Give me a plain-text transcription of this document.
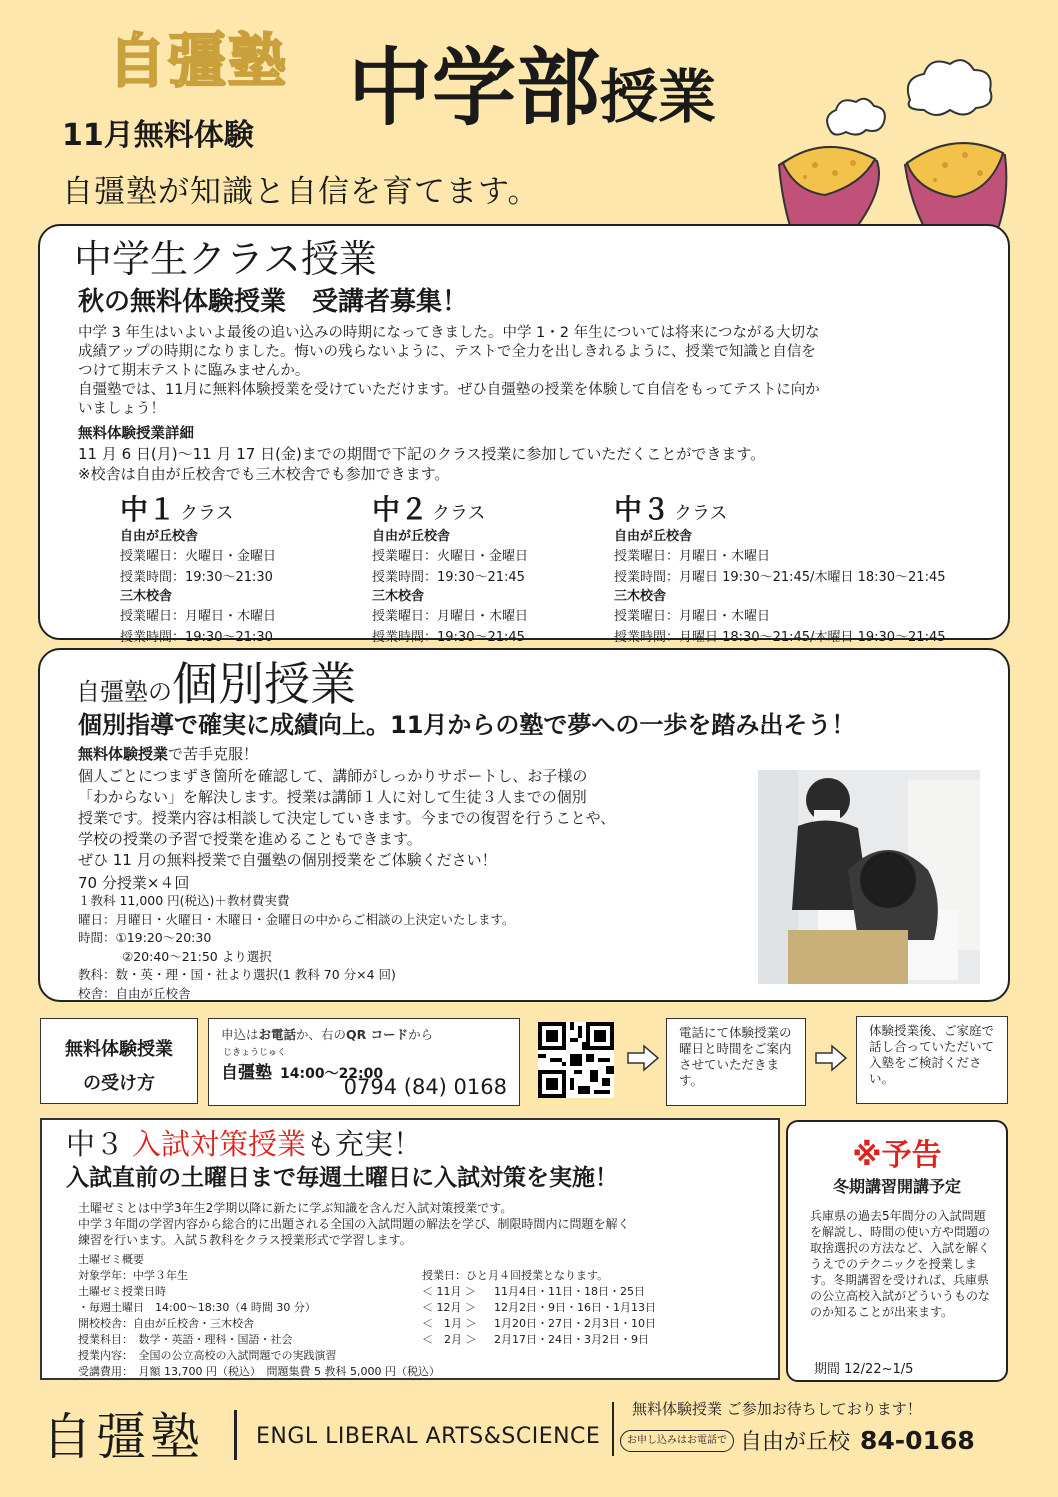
自彊塾 中学部授業
11月無料体験
自彊塾が知識と自信を育てます。
中学生クラス授業
秋の無料体験授業　受講者募集！

中学 3 年生はいよいよ最後の追い込みの時期になってきました。中学 1・2 年生については将来につながる大切な

成績アップの時期になりました。悔いの残らないように、テストで全力を出しきれるように、授業で知識と自信を

つけて期末テストに臨みませんか。

自彊塾では、11月に無料体験授業を受けていただけます。ぜひ自彊塾の授業を体験して自信をもってテストに向か

いましょう！

無料体験授業詳細
11 月 6 日(月)～11 月 17 日(金)までの期間で下記のクラス授業に参加していただくことができます。
※校舎は自由が丘校舎でも三木校舎でも参加できます。
中１ クラス
自由が丘校舎
授業曜日：火曜日・金曜日
授業時間：19:30～21:30
三木校舎
授業曜日：月曜日・木曜日
授業時間：19:30～21:30
中２ クラス
自由が丘校舎
授業曜日：火曜日・金曜日
授業時間：19:30～21:45
三木校舎
授業曜日：月曜日・木曜日
授業時間：19:30～21:45
中３ クラス
自由が丘校舎
授業曜日：月曜日・木曜日
授業時間：月曜日 19:30～21:45/木曜日 18:30～21:45
三木校舎
授業曜日：月曜日・木曜日
授業時間：月曜日 18:30～21:45/木曜日 19:30～21:45
自彊塾の個別授業
個別指導で確実に成績向上。11月からの塾で夢への一歩を踏み出そう！
無料体験授業で苦手克服！

個人ごとにつまずき箇所を確認して、講師がしっかりサポートし、お子様の

「わからない」を解決します。授業は講師１人に対して生徒３人までの個別

授業です。授業内容は相談して決定していきます。今までの復習を行うことや、

学校の授業の予習で授業を進めることもできます。

ぜひ 11 月の無料授業で自彊塾の個別授業をご体験ください！

70 分授業×４回

１教科 11,000 円(税込)＋教材費実費

曜日：月曜日・火曜日・木曜日・金曜日の中からご相談の上決定いたします。

時間：①19:20～20:30

②20:40～21:50 より選択

教科：数・英・理・国・社より選択(1 教科 70 分×4 回)

校舎：自由が丘校舎

無料体験授業

の受け方

申込はお電話か、右のQR コードから

じきょうじゅく

自彊塾 14:00～22:00

0794 (84) 0168

電話にて体験授業の曜日と時間をご案内させていただきます。
体験授業後、ご家庭で話し合っていただいて入塾をご検討ください。
中３ 入試対策授業も充実！
入試直前の土曜日まで毎週土曜日に入試対策を実施！

土曜ゼミとは中学3年生2学期以降に新たに学ぶ知識を含んだ入試対策授業です。

中学３年間の学習内容から総合的に出題される全国の入試問題の解法を学び、制限時間内に問題を解く

練習を行います。入試５教科をクラス授業形式で学習します。

土曜ゼミ概要

対象学年：中学３年生

土曜ゼミ授業日時

・毎週土曜日　14:00～18:30（4 時間 30 分）

開校校舎：自由が丘校舎・三木校舎

授業科目：　数学・英語・理科・国語・社会

授業内容：　全国の公立高校の入試問題での実践演習

受講費用：　月額 13,700 円（税込）　問題集費 5 教科 5,000 円（税込）

授業日：ひと月４回授業となります。

＜ 11月 ＞ 11月4日・11日・18日・25日

＜ 12月 ＞ 12月2日・9日・16日・1月13日

＜　1月 ＞ 1月20日・27日・2月3日・10日

＜　2月 ＞ 2月17日・24日・3月2日・9日

※予告
冬期講習開講予定
兵庫県の過去5年間分の入試問題を解説し、時間の使い方や問題の取捨選択の方法など、入試を解くうえでのテクニックを授業します。冬期講習を受ければ、兵庫県の公立高校入試がどういうものなのか知ることが出来ます。
期間 12/22~1/5
自彊塾 ENGL LIBERAL ARTS&SCIENCE
無料体験授業 ご参加お待ちしております！
お申し込みはお電話で 自由が丘校 84-0168
